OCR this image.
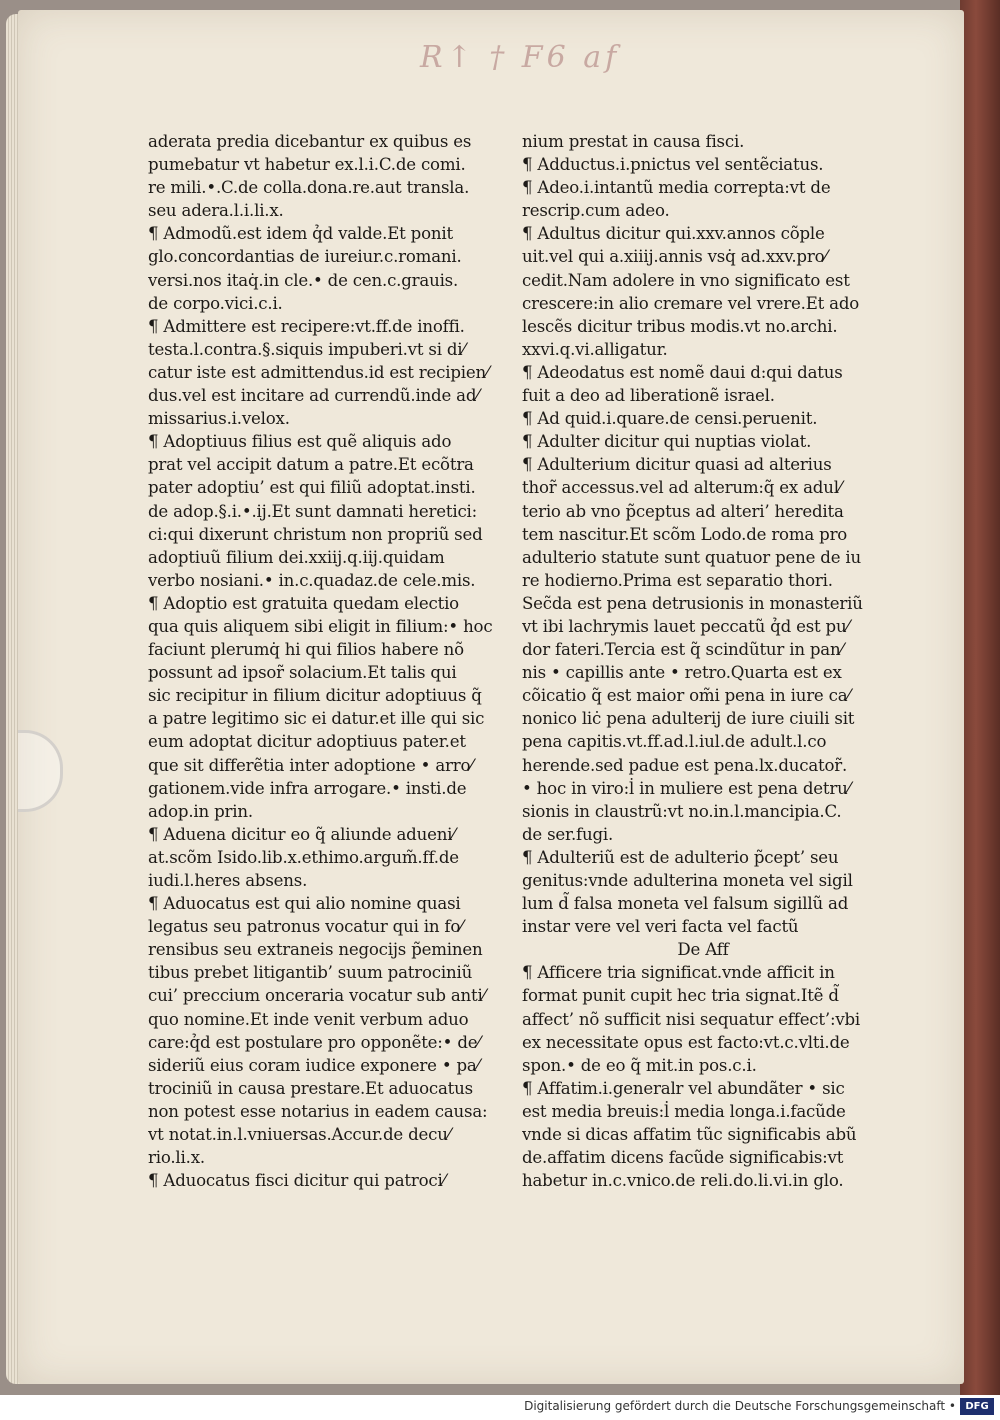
R↑ † F6 af
aderata predia dicebantur ex quibus es
pumebatur vt habetur ex.l.i.C.de comi.
re mili.•.C.de colla.dona.re.aut transla.
seu adera.l.i.li.x.
¶ Admodũ.est idem q̉d valde.Et ponit
glo.concordantias de iureiur.c.romani.
versi.nos itaq̇.in cle.• de cen.c.grauis.
de corpo.vici.c.i.
¶ Admittere est recipere:vt.ff.de inoffi.
testa.l.contra.§.siquis impuberi.vt si di⁄
catur iste est admittendus.id est recipien⁄
dus.vel est incitare ad currendũ.inde ad⁄
missarius.i.velox.
¶ Adoptiuus filius est quẽ aliquis ado
prat vel accipit datum a patre.Et ecõtra
pater adoptiu’ est qui filiũ adoptat.insti.
de adop.§.i.•.ij.Et sunt damnati heretici:
ci:qui dixerunt christum non propriũ sed
adoptiuũ filium dei.xxiij.q.iij.quidam
verbo nosiani.• in.c.quadaz.de cele.mis.
¶ Adoptio est gratuita quedam electio
qua quis aliquem sibi eligit in filium:• hoc
faciunt plerumq̇ hi qui filios habere nõ
possunt ad ipsor̃ solacium.Et talis qui
sic recipitur in filium dicitur adoptiuus q̃
a patre legitimo sic ei datur.et ille qui sic
eum adoptat dicitur adoptiuus pater.et
que sit differẽtia inter adoptione • arro⁄
gationem.vide infra arrogare.• insti.de
adop.in prin.
¶ Aduena dicitur eo q̃ aliunde adueni⁄
at.scõm Isido.lib.x.ethimo.argum̃.ff.de
iudi.l.heres absens.
¶ Aduocatus est qui alio nomine quasi
legatus seu patronus vocatur qui in fo⁄
rensibus seu extraneis negocijs p̃eminen
tibus prebet litigantib’ suum patrociniũ
cui’ preccium onceraria vocatur sub anti⁄
quo nomine.Et inde venit verbum aduo
care:q̉d est postulare pro opponẽte:• de⁄
sideriũ eius coram iudice exponere • pa⁄
trociniũ in causa prestare.Et aduocatus
non potest esse notarius in eadem causa:
vt notat.in.l.vniuersas.Accur.de decu⁄
rio.li.x.
¶ Aduocatus fisci dicitur qui patroci⁄
nium prestat in causa fisci.
¶ Adductus.i.pnictus vel sentẽciatus.
¶ Adeo.i.intantũ media correpta:vt de
rescrip.cum adeo.
¶ Adultus dicitur qui.xxv.annos cõple
uit.vel qui a.xiiij.annis vsq̇ ad.xxv.pro⁄
cedit.Nam adolere in vno significato est
crescere:in alio cremare vel vrere.Et ado
lescẽs dicitur tribus modis.vt no.archi.
xxvi.q.vi.alligatur.
¶ Adeodatus est nomẽ daui d:qui datus
fuit a deo ad liberationẽ israel.
¶ Ad quid.i.quare.de censi.peruenit.
¶ Adulter dicitur qui nuptias violat.
¶ Adulterium dicitur quasi ad alterius
thor̃ accessus.vel ad alterum:q̃ ex adul⁄
terio ab vno p̃ceptus ad alteri’ heredita
tem nascitur.Et scõm Lodo.de roma pro
adulterio statute sunt quatuor pene de iu
re hodierno.Prima est separatio thori.
Sec̃da est pena detrusionis in monasteriũ
vt ibi lachrymis lauet peccatũ q̉d est pu⁄
dor fateri.Tercia est q̃ scindũtur in pan⁄
nis • capillis ante • retro.Quarta est ex
cõicatio q̃ est maior om̃i pena in iure ca⁄
nonico liċ pena adulterij de iure ciuili sit
pena capitis.vt.ff.ad.l.iul.de adult.l.co
herende.sed padue est pena.lx.ducator̃.
• hoc in viro:l̇ in muliere est pena detru⁄
sionis in claustrũ:vt no.in.l.mancipia.C.
de ser.fugi.
¶ Adulteriũ est de adulterio p̃cept’ seu
genitus:vnde adulterina moneta vel sigil
lum d̃ falsa moneta vel falsum sigillũ ad
instar vere vel veri facta vel factũ
De Aff
¶ Afficere tria significat.vnde afficit in
format punit cupit hec tria signat.Itẽ d̃
affect’ nõ sufficit nisi sequatur effect’:vbi
ex necessitate opus est facto:vt.c.vlti.de
spon.• de eo q̃ mit.in pos.c.i.
¶ Affatim.i.generalr vel abundãter • sic
est media breuis:l̇ media longa.i.facũde
vnde si dicas affatim tũc significabis abũ
de.affatim dicens facũde significabis:vt
habetur in.c.vnico.de reli.do.li.vi.in glo.
Digitalisierung gefördert durch die Deutsche Forschungsgemeinschaft • DFG
